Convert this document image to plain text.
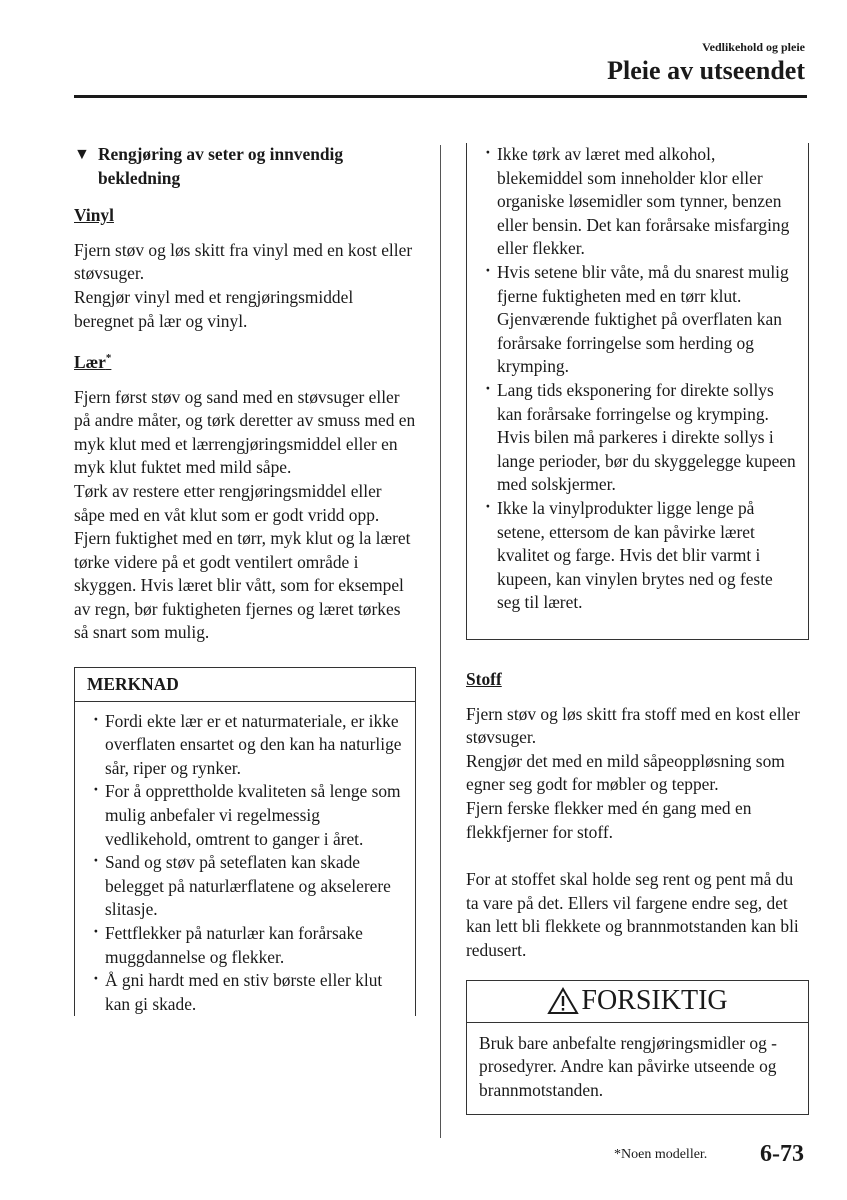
Vedlikehold og pleie
Pleie av utseendet
▼ Rengjøring av seter og innvendig bekledning
Vinyl

Fjern støv og løs skitt fra vinyl med en kost eller støvsuger.

Rengjør vinyl med et rengjøringsmiddel beregnet på lær og vinyl.

Lær*

Fjern først støv og sand med en støvsuger eller på andre måter, og tørk deretter av smuss med en myk klut med et lærrengjøringsmiddel eller en myk klut fuktet med mild såpe.

Tørk av restere etter rengjøringsmiddel eller såpe med en våt klut som er godt vridd opp.

Fjern fuktighet med en tørr, myk klut og la læret tørke videre på et godt ventilert område i skyggen. Hvis læret blir vått, som for eksempel av regn, bør fuktigheten fjernes og læret tørkes så snart som mulig.

MERKNAD
· Fordi ekte lær er et naturmateriale, er ikke overflaten ensartet og den kan ha naturlige sår, riper og rynker.
· For å opprettholde kvaliteten så lenge som mulig anbefaler vi regelmessig vedlikehold, omtrent to ganger i året.
· Sand og støv på seteflaten kan skade belegget på naturlærflatene og akselerere slitasje.
· Fettflekker på naturlær kan forårsake muggdannelse og flekker.
· Å gni hardt med en stiv børste eller klut kan gi skade.
· Ikke tørk av læret med alkohol, blekemiddel som inneholder klor eller organiske løsemidler som tynner, benzen eller bensin. Det kan forårsake misfarging eller flekker.
· Hvis setene blir våte, må du snarest mulig fjerne fuktigheten med en tørr klut. Gjenværende fuktighet på overflaten kan forårsake forringelse som herding og krymping.
· Lang tids eksponering for direkte sollys kan forårsake forringelse og krymping. Hvis bilen må parkeres i direkte sollys i lange perioder, bør du skyggelegge kupeen med solskjermer.
· Ikke la vinylprodukter ligge lenge på setene, ettersom de kan påvirke læret kvalitet og farge. Hvis det blir varmt i kupeen, kan vinylen brytes ned og feste seg til læret.
Stoff

Fjern støv og løs skitt fra stoff med en kost eller støvsuger.

Rengjør det med en mild såpeoppløsning som egner seg godt for møbler og tepper.

Fjern ferske flekker med én gang med en flekkfjerner for stoff.

For at stoffet skal holde seg rent og pent må du ta vare på det. Ellers vil fargene endre seg, det kan lett bli flekkete og brannmotstanden kan bli redusert.

FORSIKTIG
Bruk bare anbefalte rengjøringsmidler og -prosedyrer. Andre kan påvirke utseende og brannmotstanden.
*Noen modeller. 6-73
